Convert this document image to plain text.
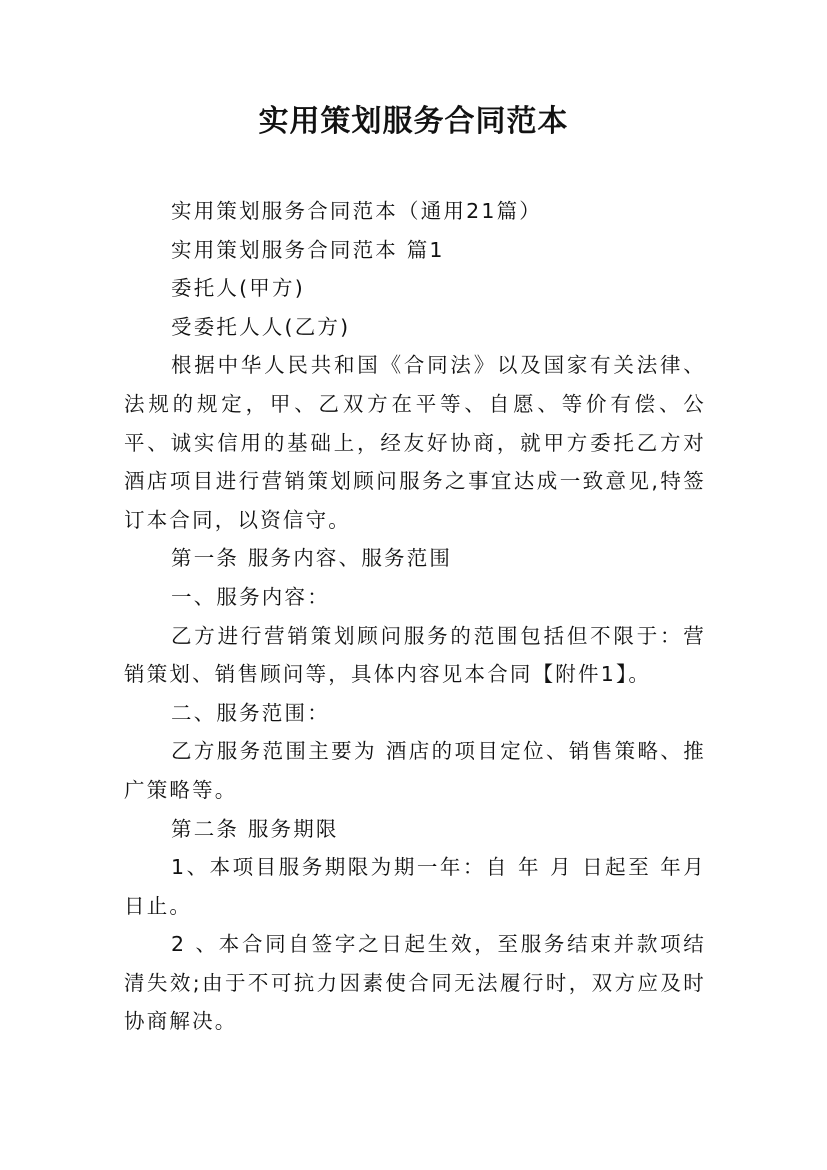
实用策划服务合同范本

实用策划服务合同范本（通用21篇）

实用策划服务合同范本 篇1

委托人(甲方)

受委托人人(乙方)

根据中华人民共和国《合同法》以及国家有关法律、法规的规定，甲、乙双方在平等、自愿、等价有偿、公平、诚实信用的基础上，经友好协商，就甲方委托乙方对酒店项目进行营销策划顾问服务之事宜达成一致意见,特签订本合同，以资信守。

第一条 服务内容、服务范围

一、服务内容：

乙方进行营销策划顾问服务的范围包括但不限于：营销策划、销售顾问等，具体内容见本合同【附件1】。

二、服务范围：

乙方服务范围主要为 酒店的项目定位、销售策略、推广策略等。

第二条 服务期限

1、本项目服务期限为期一年：自 年 月 日起至 年月日止。

2 、本合同自签字之日起生效，至服务结束并款项结清失效;由于不可抗力因素使合同无法履行时，双方应及时协商解决。
